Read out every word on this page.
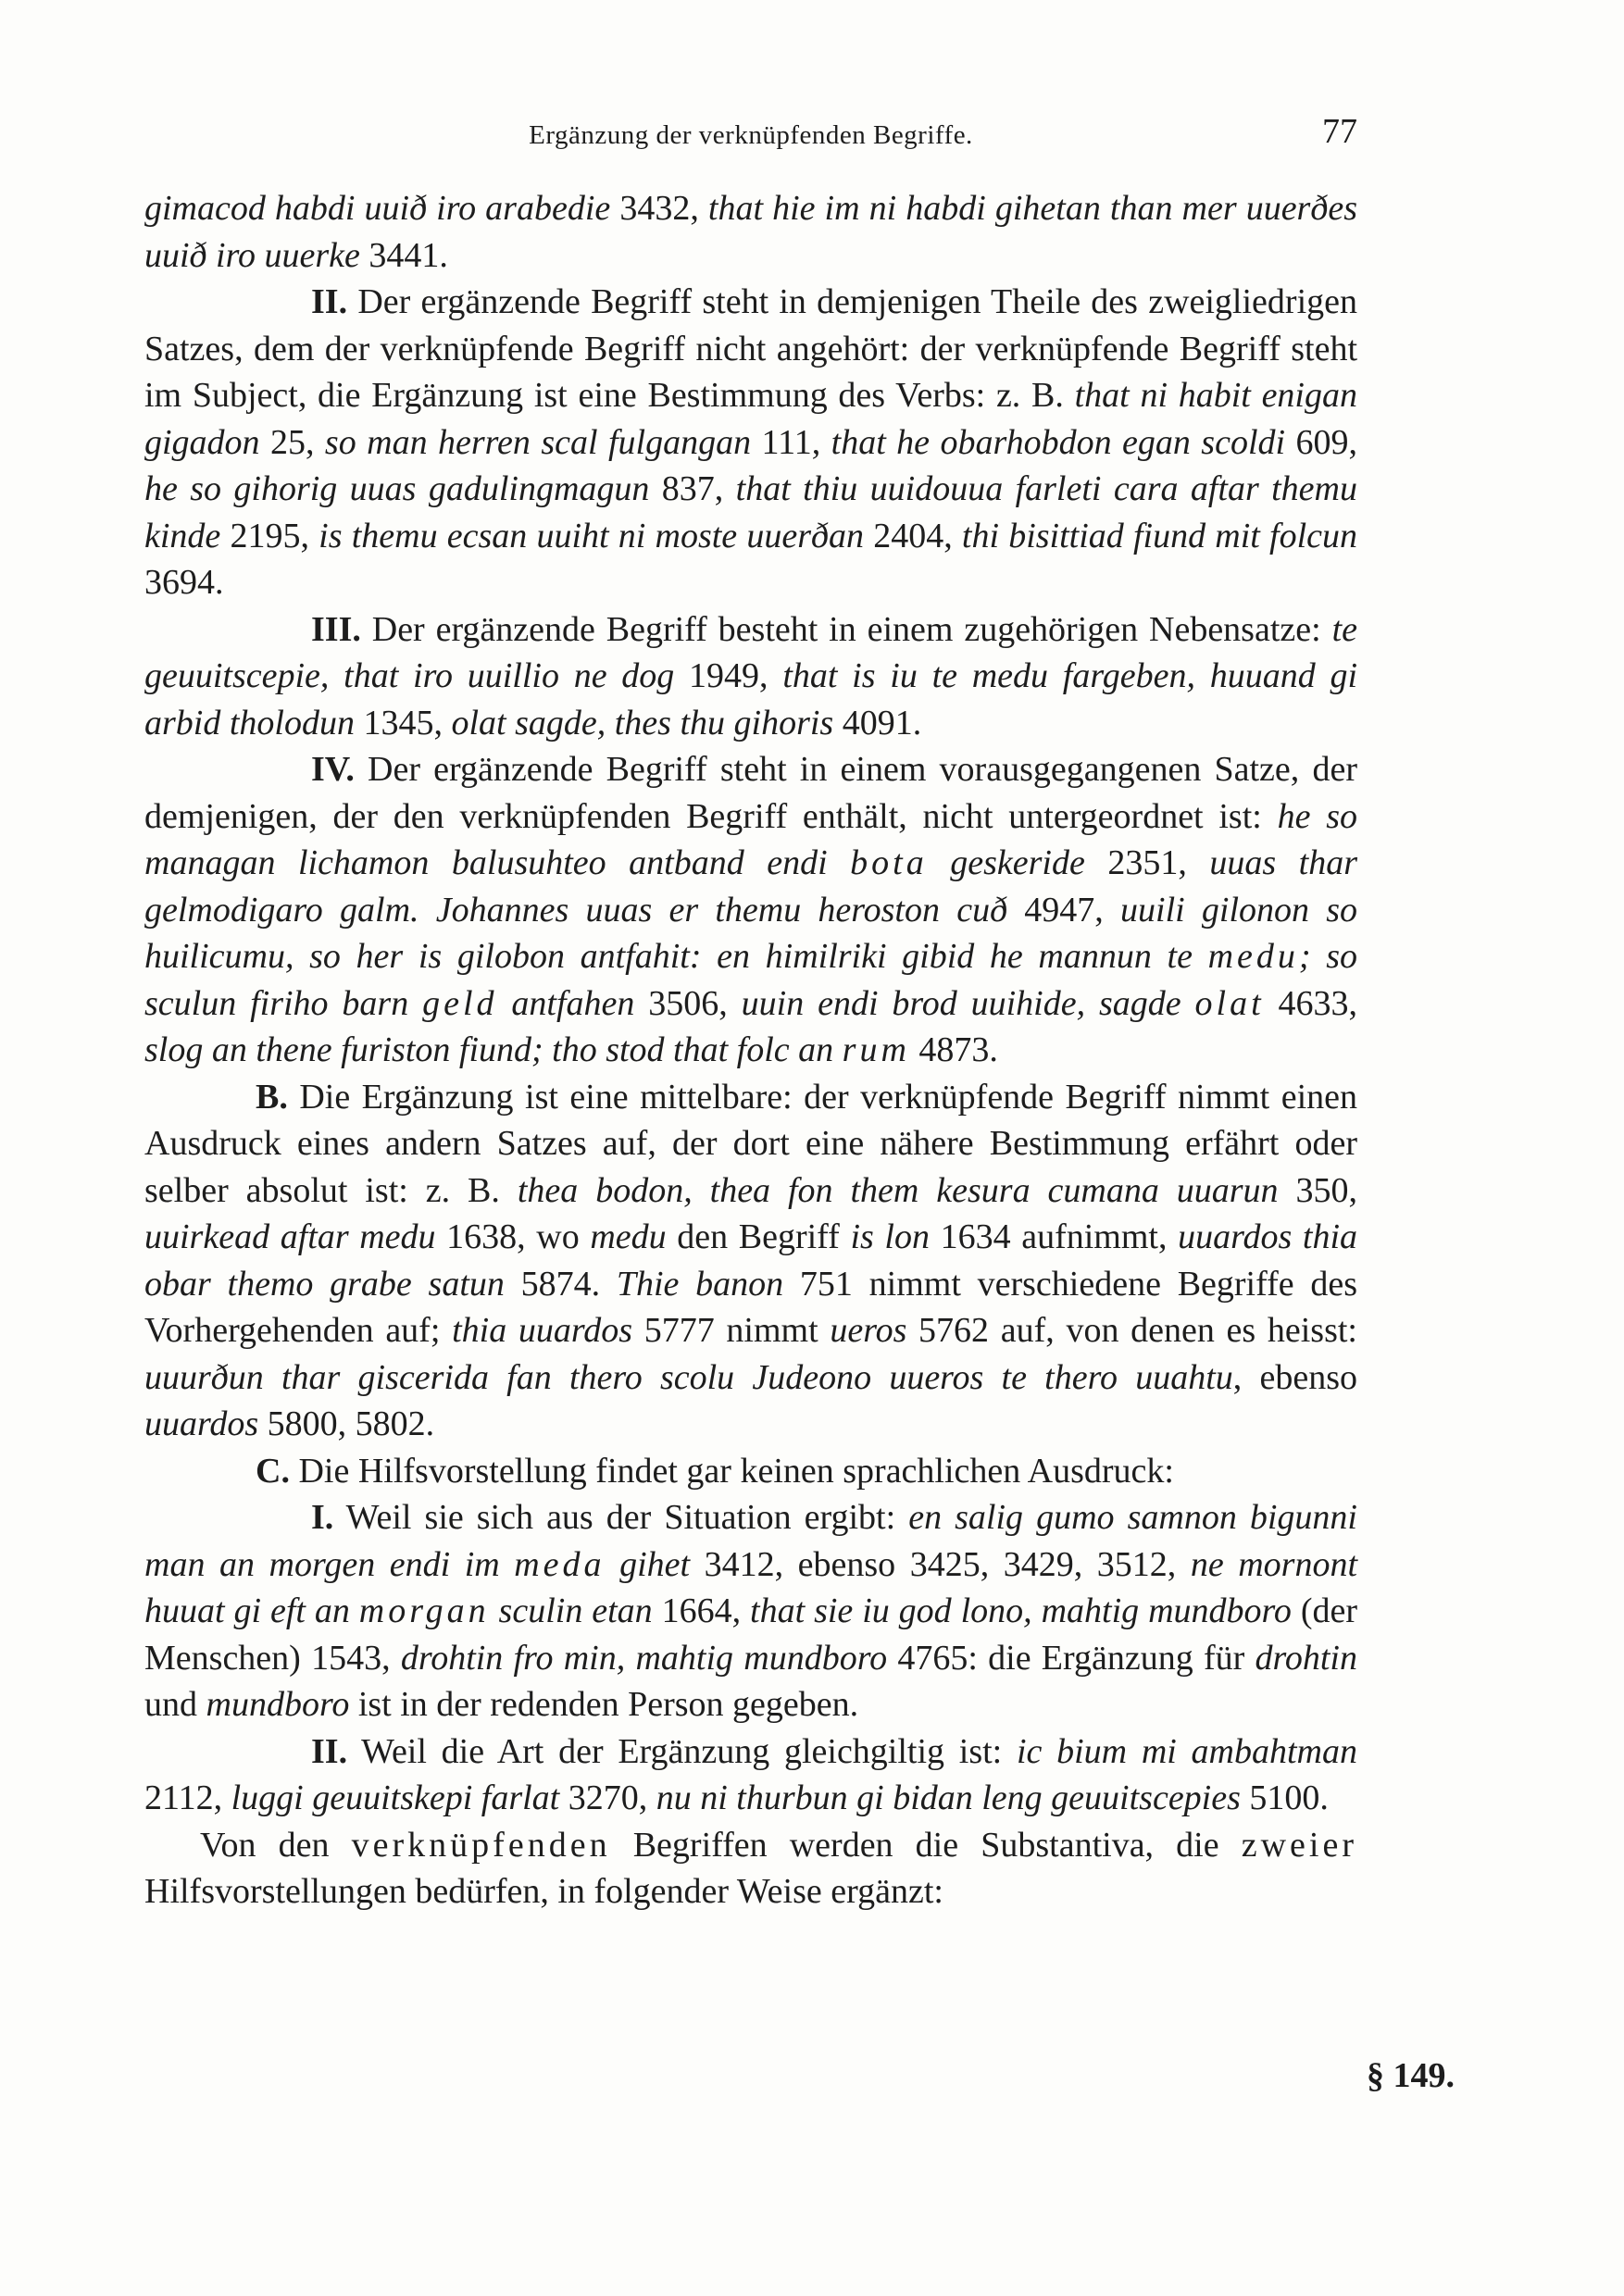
Ergänzung der verknüpfenden Begriffe.	77

gimacod habdi uuið iro arabedie 3432, that hie im ni habdi gihetan than mer uuerðes uuið iro uuerke 3441.

II. Der ergänzende Begriff steht in demjenigen Theile des zweigliedrigen Satzes, dem der verknüpfende Begriff nicht angehört: der verknüpfende Begriff steht im Subject, die Ergänzung ist eine Bestimmung des Verbs: z. B. that ni habit enigan gigadon 25, so man herren scal fulgangan 111, that he obarhobdon egan scoldi 609, he so gihorig uuas gadulingmagun 837, that thiu uuidouua farleti cara aftar themu kinde 2195, is themu ecsan uuiht ni moste uuerðan 2404, thi bisittiad fiund mit folcun 3694.

III. Der ergänzende Begriff besteht in einem zugehörigen Nebensatze: te geuuitscepie, that iro uuillio ne dog 1949, that is iu te medu fargeben, huuand gi arbid tholodun 1345, olat sagde, thes thu gihoris 4091.

IV. Der ergänzende Begriff steht in einem vorausgegangenen Satze, der demjenigen, der den verknüpfenden Begriff enthält, nicht untergeordnet ist: he so managan lichamon balusuhteo antband endi bota geskeride 2351, uuas thar gelmodigaro galm. Johannes uuas er themu heroston cuð 4947, uuili gilonon so huilicumu, so her is gilobon antfahit: en himilriki gibid he mannun te medu; so sculun firiho barn geld antfahen 3506, uuin endi brod uuihide, sagde olat 4633, slog an thene furiston fiund; tho stod that folc an rum 4873.

B. Die Ergänzung ist eine mittelbare: der verknüpfende Begriff nimmt einen Ausdruck eines andern Satzes auf, der dort eine nähere Bestimmung erfährt oder selber absolut ist: z. B. thea bodon, thea fon them kesura cumana uuarun 350, uuirkead aftar medu 1638, wo medu den Begriff is lon 1634 aufnimmt, uuardos thia obar themo grabe satun 5874. Thie banon 751 nimmt verschiedene Begriffe des Vorhergehenden auf; thia uuardos 5777 nimmt ueros 5762 auf, von denen es heisst: uuurðun thar giscerida fan thero scolu Judeono uueros te thero uuahtu, ebenso uuardos 5800, 5802.

C. Die Hilfsvorstellung findet gar keinen sprachlichen Ausdruck:

I. Weil sie sich aus der Situation ergibt: en salig gumo samnon bigunni man an morgen endi im meda gihet 3412, ebenso 3425, 3429, 3512, ne mornont huuat gi eft an morgan sculin etan 1664, that sie iu god lono, mahtig mundboro (der Menschen) 1543, drohtin fro min, mahtig mundboro 4765: die Ergänzung für drohtin und mundboro ist in der redenden Person gegeben.

II. Weil die Art der Ergänzung gleichgiltig ist: ic bium mi ambahtman 2112, luggi geuuitskepi farlat 3270, nu ni thurbun gi bidan leng geuuitscepies 5100.

Von den verknüpfenden Begriffen werden die Substantiva, die zweier Hilfsvorstellungen bedürfen, in folgender Weise ergänzt:

§ 149.
